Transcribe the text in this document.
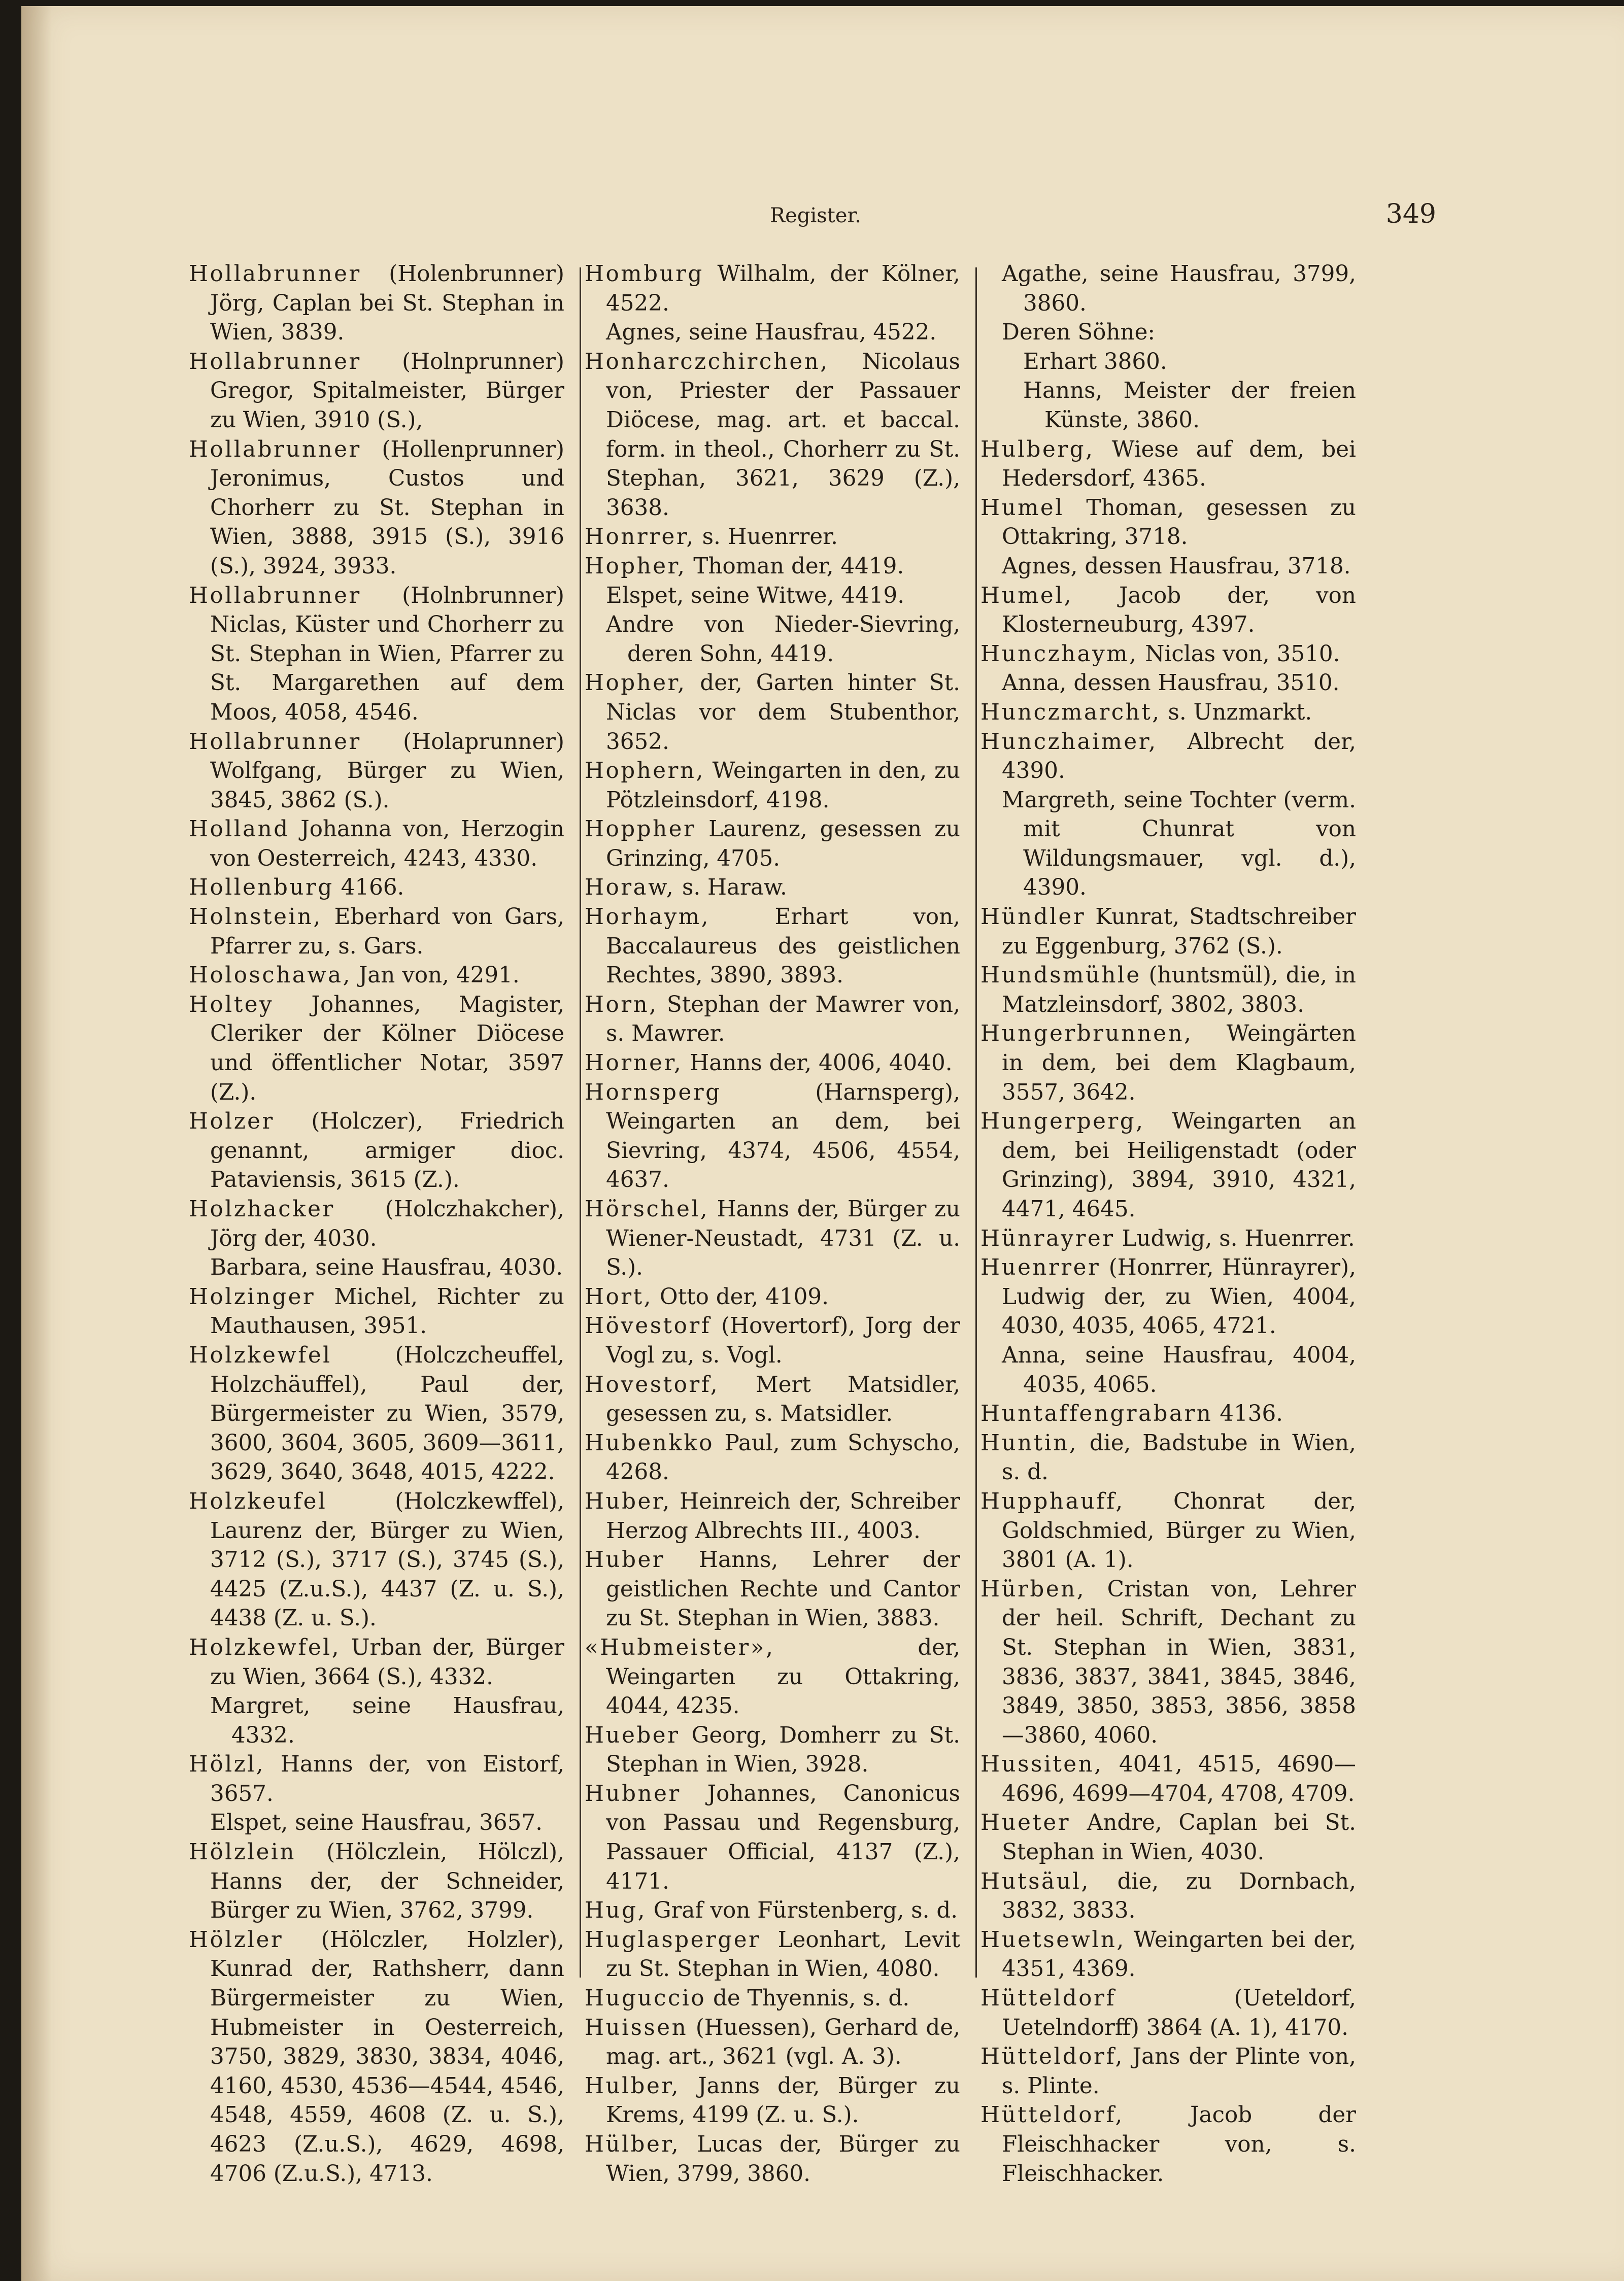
Register.	349
Hollabrunner (Holenbrunner) Jörg, Caplan bei St. Stephan in Wien, 3839.
Hollabrunner (Holnprunner) Gregor, Spitalmeister, Bürger zu Wien, 3910 (S.),
Hollabrunner (Hollenprunner) Jeronimus, Custos und Chorherr zu St. Stephan in Wien, 3888, 3915 (S.), 3916 (S.), 3924, 3933.
Hollabrunner (Holnbrunner) Niclas, Küster und Chorherr zu St. Stephan in Wien, Pfarrer zu St. Margarethen auf dem Moos, 4058, 4546.
Hollabrunner (Holaprunner) Wolfgang, Bürger zu Wien, 3845, 3862 (S.).
Holland Johanna von, Herzogin von Oesterreich, 4243, 4330.
Hollenburg 4166.
Holnstein, Eberhard von Gars, Pfarrer zu, s. Gars.
Holoschawa, Jan von, 4291.
Holtey Johannes, Magister, Cleriker der Kölner Diöcese und öffentlicher Notar, 3597 (Z.).
Holzer (Holczer), Friedrich genannt, armiger dioc. Pataviensis, 3615 (Z.).
Holzhacker (Holczhakcher), Jörg der, 4030.
Barbara, seine Hausfrau, 4030.
Holzinger Michel, Richter zu Mauthausen, 3951.
Holzkewfel (Holczcheuffel, Holzchäuffel), Paul der, Bürgermeister zu Wien, 3579, 3600, 3604, 3605, 3609—3611, 3629, 3640, 3648, 4015, 4222.
Holzkeufel (Holczkewffel), Laurenz der, Bürger zu Wien, 3712 (S.), 3717 (S.), 3745 (S.), 4425 (Z.u.S.), 4437 (Z. u. S.), 4438 (Z. u. S.).
Holzkewfel, Urban der, Bürger zu Wien, 3664 (S.), 4332.
Margret, seine Hausfrau, 4332.
Hölzl, Hanns der, von Eistorf, 3657.
Elspet, seine Hausfrau, 3657.
Hölzlein (Hölczlein, Hölczl), Hanns der, der Schneider, Bürger zu Wien, 3762, 3799.
Hölzler (Hölczler, Holzler), Kunrad der, Rathsherr, dann Bürgermeister zu Wien, Hubmeister in Oesterreich, 3750, 3829, 3830, 3834, 4046, 4160, 4530, 4536—4544, 4546, 4548, 4559, 4608 (Z. u. S.), 4623 (Z.u.S.), 4629, 4698, 4706 (Z.u.S.), 4713.
Homburg Wilhalm, der Kölner, 4522.
Agnes, seine Hausfrau, 4522.
Honharczchirchen, Nicolaus von, Priester der Passauer Diöcese, mag. art. et baccal. form. in theol., Chorherr zu St. Stephan, 3621, 3629 (Z.), 3638.
Honrrer, s. Huenrrer.
Hopher, Thoman der, 4419.
Elspet, seine Witwe, 4419.
Andre von Nieder-Sievring, deren Sohn, 4419.
Hopher, der, Garten hinter St. Niclas vor dem Stubenthor, 3652.
Hophern, Weingarten in den, zu Pötzleinsdorf, 4198.
Hoppher Laurenz, gesessen zu Grinzing, 4705.
Horaw, s. Haraw.
Horhaym, Erhart von, Baccalaureus des geistlichen Rechtes, 3890, 3893.
Horn, Stephan der Mawrer von, s. Mawrer.
Horner, Hanns der, 4006, 4040.
Hornsperg (Harnsperg), Weingarten an dem, bei Sievring, 4374, 4506, 4554, 4637.
Hörschel, Hanns der, Bürger zu Wiener-Neustadt, 4731 (Z. u. S.).
Hort, Otto der, 4109.
Hövestorf (Hovertorf), Jorg der Vogl zu, s. Vogl.
Hovestorf, Mert Matsidler, gesessen zu, s. Matsidler.
Hubenkko Paul, zum Schyscho, 4268.
Huber, Heinreich der, Schreiber Herzog Albrechts III., 4003.
Huber Hanns, Lehrer der geistlichen Rechte und Cantor zu St. Stephan in Wien, 3883.
«Hubmeister», der, Weingarten zu Ottakring, 4044, 4235.
Hueber Georg, Domherr zu St. Stephan in Wien, 3928.
Hubner Johannes, Canonicus von Passau und Regensburg, Passauer Official, 4137 (Z.), 4171.
Hug, Graf von Fürstenberg, s. d.
Huglasperger Leonhart, Levit zu St. Stephan in Wien, 4080.
Huguccio de Thyennis, s. d.
Huissen (Huessen), Gerhard de, mag. art., 3621 (vgl. A. 3).
Hulber, Janns der, Bürger zu Krems, 4199 (Z. u. S.).
Hülber, Lucas der, Bürger zu Wien, 3799, 3860.
Agathe, seine Hausfrau, 3799, 3860.
Deren Söhne:
Erhart 3860.
Hanns, Meister der freien Künste, 3860.
Hulberg, Wiese auf dem, bei Hedersdorf, 4365.
Humel Thoman, gesessen zu Ottakring, 3718.
Agnes, dessen Hausfrau, 3718.
Humel, Jacob der, von Klosterneuburg, 4397.
Hunczhaym, Niclas von, 3510.
Anna, dessen Hausfrau, 3510.
Hunczmarcht, s. Unzmarkt.
Hunczhaimer, Albrecht der, 4390.
Margreth, seine Tochter (verm. mit Chunrat von Wildungsmauer, vgl. d.), 4390.
Hündler Kunrat, Stadtschreiber zu Eggenburg, 3762 (S.).
Hundsmühle (huntsmül), die, in Matzleinsdorf, 3802, 3803.
Hungerbrunnen, Weingärten in dem, bei dem Klagbaum, 3557, 3642.
Hungerperg, Weingarten an dem, bei Heiligenstadt (oder Grinzing), 3894, 3910, 4321, 4471, 4645.
Hünrayrer Ludwig, s. Huenrrer.
Huenrrer (Honrrer, Hünrayrer), Ludwig der, zu Wien, 4004, 4030, 4035, 4065, 4721.
Anna, seine Hausfrau, 4004, 4035, 4065.
Huntaffengrabarn 4136.
Huntin, die, Badstube in Wien, s. d.
Hupphauff, Chonrat der, Goldschmied, Bürger zu Wien, 3801 (A. 1).
Hürben, Cristan von, Lehrer der heil. Schrift, Dechant zu St. Stephan in Wien, 3831, 3836, 3837, 3841, 3845, 3846, 3849, 3850, 3853, 3856, 3858—3860, 4060.
Hussiten, 4041, 4515, 4690—4696, 4699—4704, 4708, 4709.
Hueter Andre, Caplan bei St. Stephan in Wien, 4030.
Hutsäul, die, zu Dornbach, 3832, 3833.
Huetsewln, Weingarten bei der, 4351, 4369.
Hütteldorf (Ueteldorf, Uetelndorff) 3864 (A. 1), 4170.
Hütteldorf, Jans der Plinte von, s. Plinte.
Hütteldorf, Jacob der Fleischhacker von, s. Fleischhacker.
